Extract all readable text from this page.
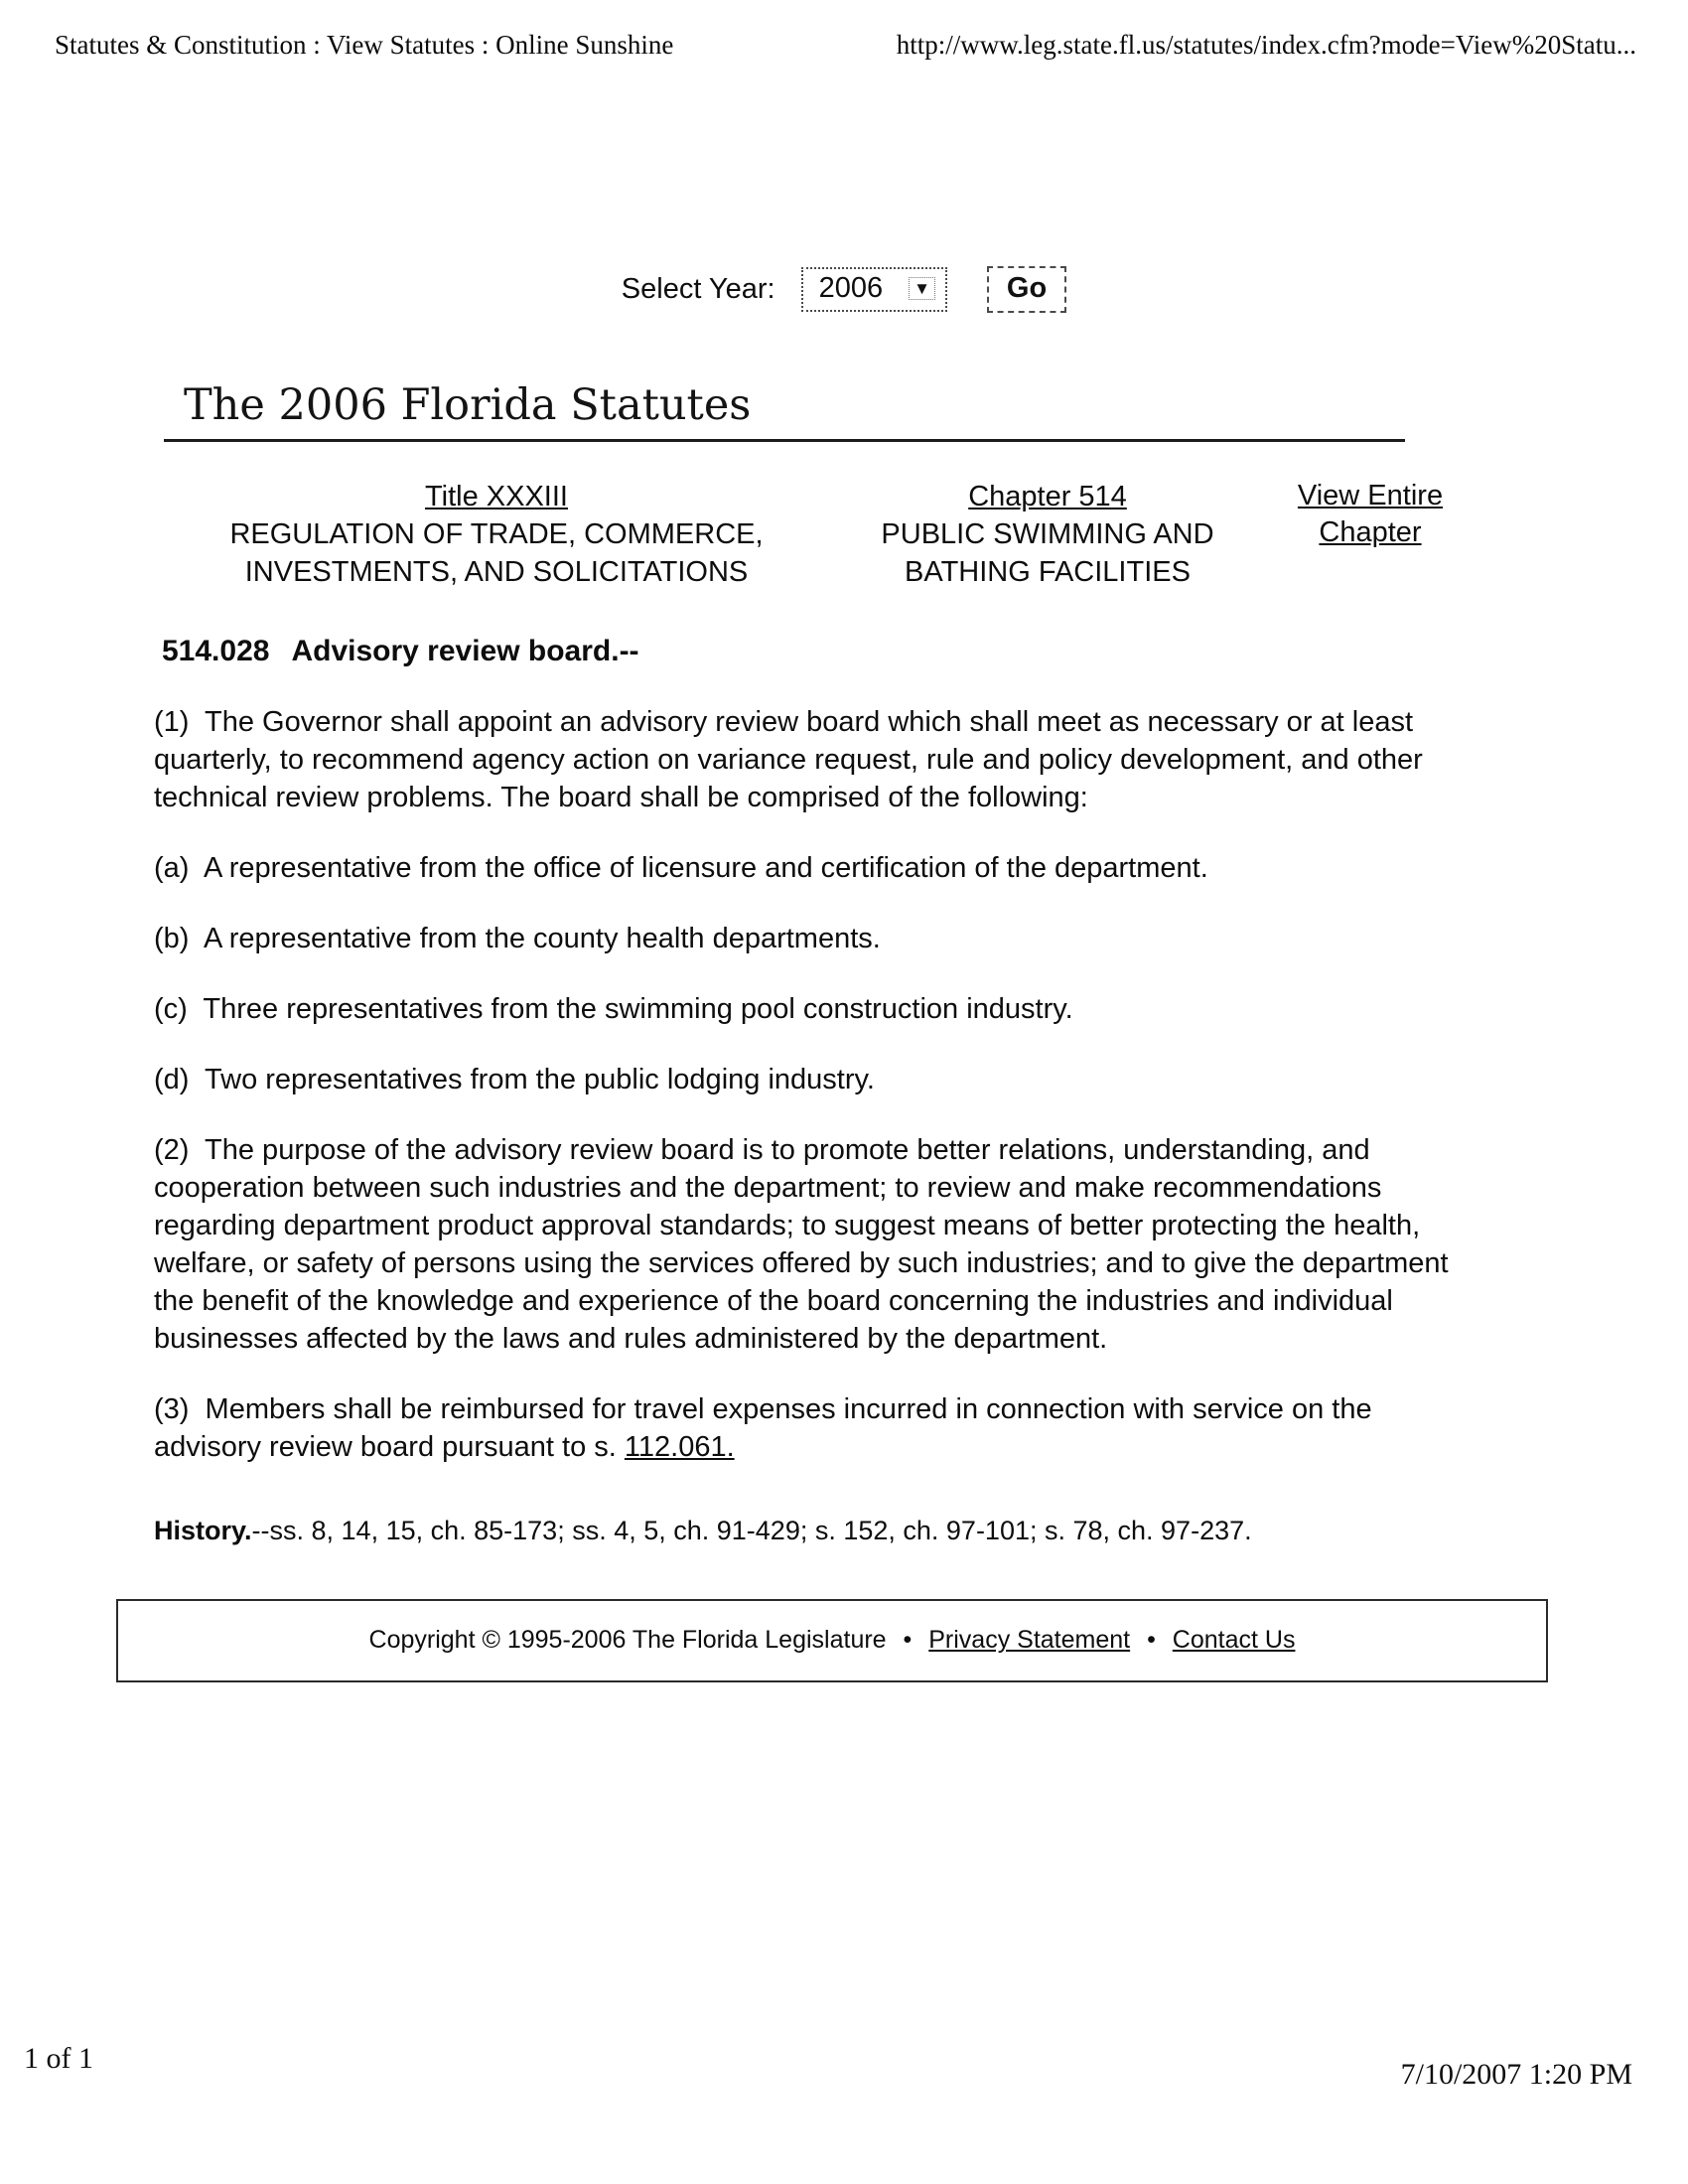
Statutes & Constitution : View Statutes : Online Sunshine	http://www.leg.state.fl.us/statutes/index.cfm?mode=View%20Statu...
Select Year: 2006 ▼	Go
The 2006 Florida Statutes
Title XXXIII
REGULATION OF TRADE, COMMERCE,
INVESTMENTS, AND SOLICITATIONS
Chapter 514
PUBLIC SWIMMING AND
BATHING FACILITIES
View Entire Chapter

514.028 Advisory review board.--

(1)  The Governor shall appoint an advisory review board which shall meet as necessary or at least quarterly, to recommend agency action on variance request, rule and policy development, and other technical review problems. The board shall be comprised of the following:

(a)  A representative from the office of licensure and certification of the department.

(b)  A representative from the county health departments.

(c)  Three representatives from the swimming pool construction industry.

(d)  Two representatives from the public lodging industry.

(2)  The purpose of the advisory review board is to promote better relations, understanding, and cooperation between such industries and the department; to review and make recommendations regarding department product approval standards; to suggest means of better protecting the health, welfare, or safety of persons using the services offered by such industries; and to give the department the benefit of the knowledge and experience of the board concerning the industries and individual businesses affected by the laws and rules administered by the department.

(3)  Members shall be reimbursed for travel expenses incurred in connection with service on the advisory review board pursuant to s. 112.061.

History.--ss. 8, 14, 15, ch. 85-173; ss. 4, 5, ch. 91-429; s. 152, ch. 97-101; s. 78, ch. 97-237.

Copyright © 1995-2006 The Florida Legislature • Privacy Statement • Contact Us
1 of 1	7/10/2007 1:20 PM
